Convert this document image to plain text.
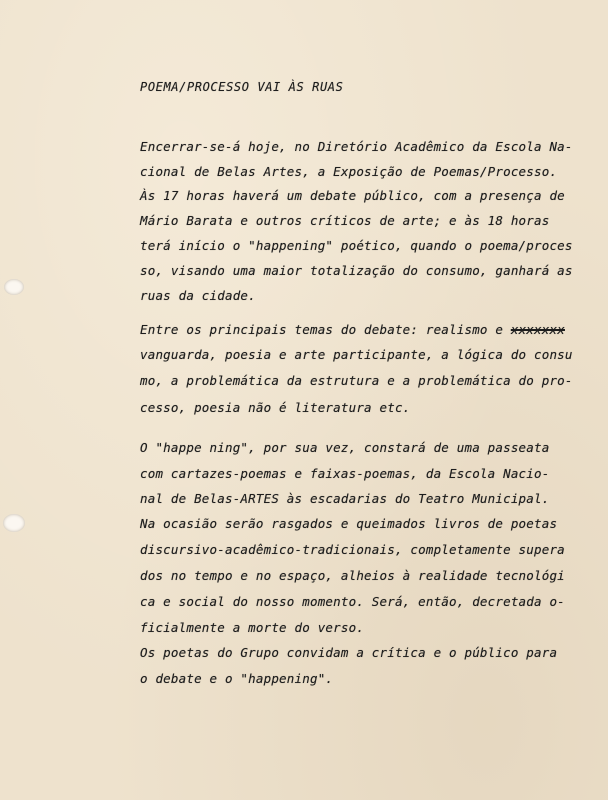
POEMA/PROCESSO VAI ÀS RUAS
Encerrar-se-á hoje, no Diretório Acadêmico da Escola Na-
cional de Belas Artes, a Exposição de Poemas/Processo.
Às 17 horas haverá um debate público, com a presença de
Mário Barata e outros críticos de arte; e às 18 horas
terá início o "happening" poético, quando o poema/proces
so, visando uma maior totalização do consumo, ganhará as
ruas da cidade.
Entre os principais temas do debate: realismo e xxxxxxx
vanguarda, poesia e arte participante, a lógica do consu
mo, a problemática da estrutura e a problemática do pro-
cesso, poesia não é literatura etc.
O "happe ning", por sua vez, constará de uma passeata
com cartazes-poemas e faixas-poemas, da Escola Nacio-
nal de Belas-ARTES às escadarias do Teatro Municipal.
Na ocasião serão rasgados e queimados livros de poetas
discursivo-acadêmico-tradicionais, completamente supera
dos no tempo e no espaço, alheios à realidade tecnológi
ca e social do nosso momento. Será, então, decretada o-
ficialmente a morte do verso.
Os poetas do Grupo convidam a crítica e o público para
o debate e o "happening".
